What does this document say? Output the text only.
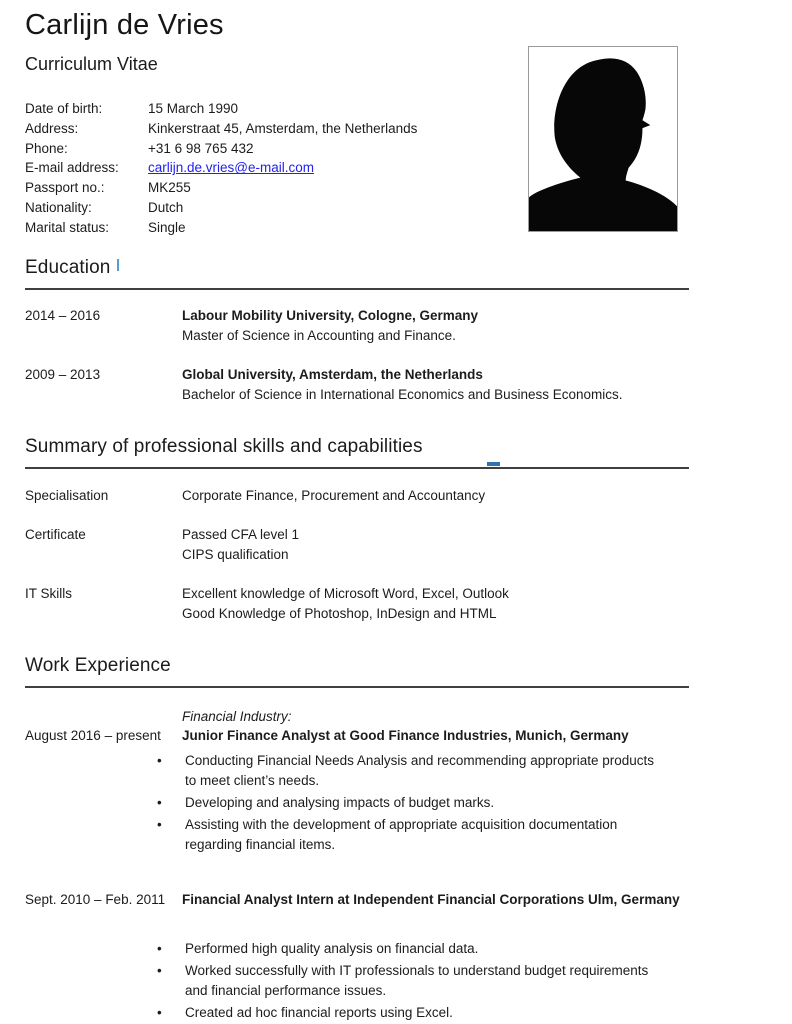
Carlijn de Vries
Curriculum Vitae
Date of birth:	15 March 1990
Address:	Kinkerstraat 45, Amsterdam, the Netherlands
Phone:	+31 6 98 765 432
E-mail address:	carlijn.de.vries@e-mail.com
Passport no.:	MK255
Nationality:	Dutch
Marital status:	Single
Education
2014 – 2016	Labour Mobility University, Cologne, Germany
Master of Science in Accounting and Finance.
2009 – 2013	Global University, Amsterdam, the Netherlands
Bachelor of Science in International Economics and Business Economics.
Summary of professional skills and capabilities
Specialisation	Corporate Finance, Procurement and Accountancy
Certificate	Passed CFA level 1
CIPS qualification
IT Skills	Excellent knowledge of Microsoft Word, Excel, Outlook
Good Knowledge of Photoshop, InDesign and HTML
Work Experience
Financial Industry:

August 2016 – present Junior Finance Analyst at Good Finance Industries, Munich, Germany

• Conducting Financial Needs Analysis and recommending appropriate products to meet client’s needs.
• Developing and analysing impacts of budget marks.
• Assisting with the development of appropriate acquisition documentation regarding financial items.

Sept. 2010 – Feb. 2011 Financial Analyst Intern at Independent Financial Corporations Ulm, Germany

• Performed high quality analysis on financial data.
• Worked successfully with IT professionals to understand budget requirements and financial performance issues.
• Created ad hoc financial reports using Excel.
